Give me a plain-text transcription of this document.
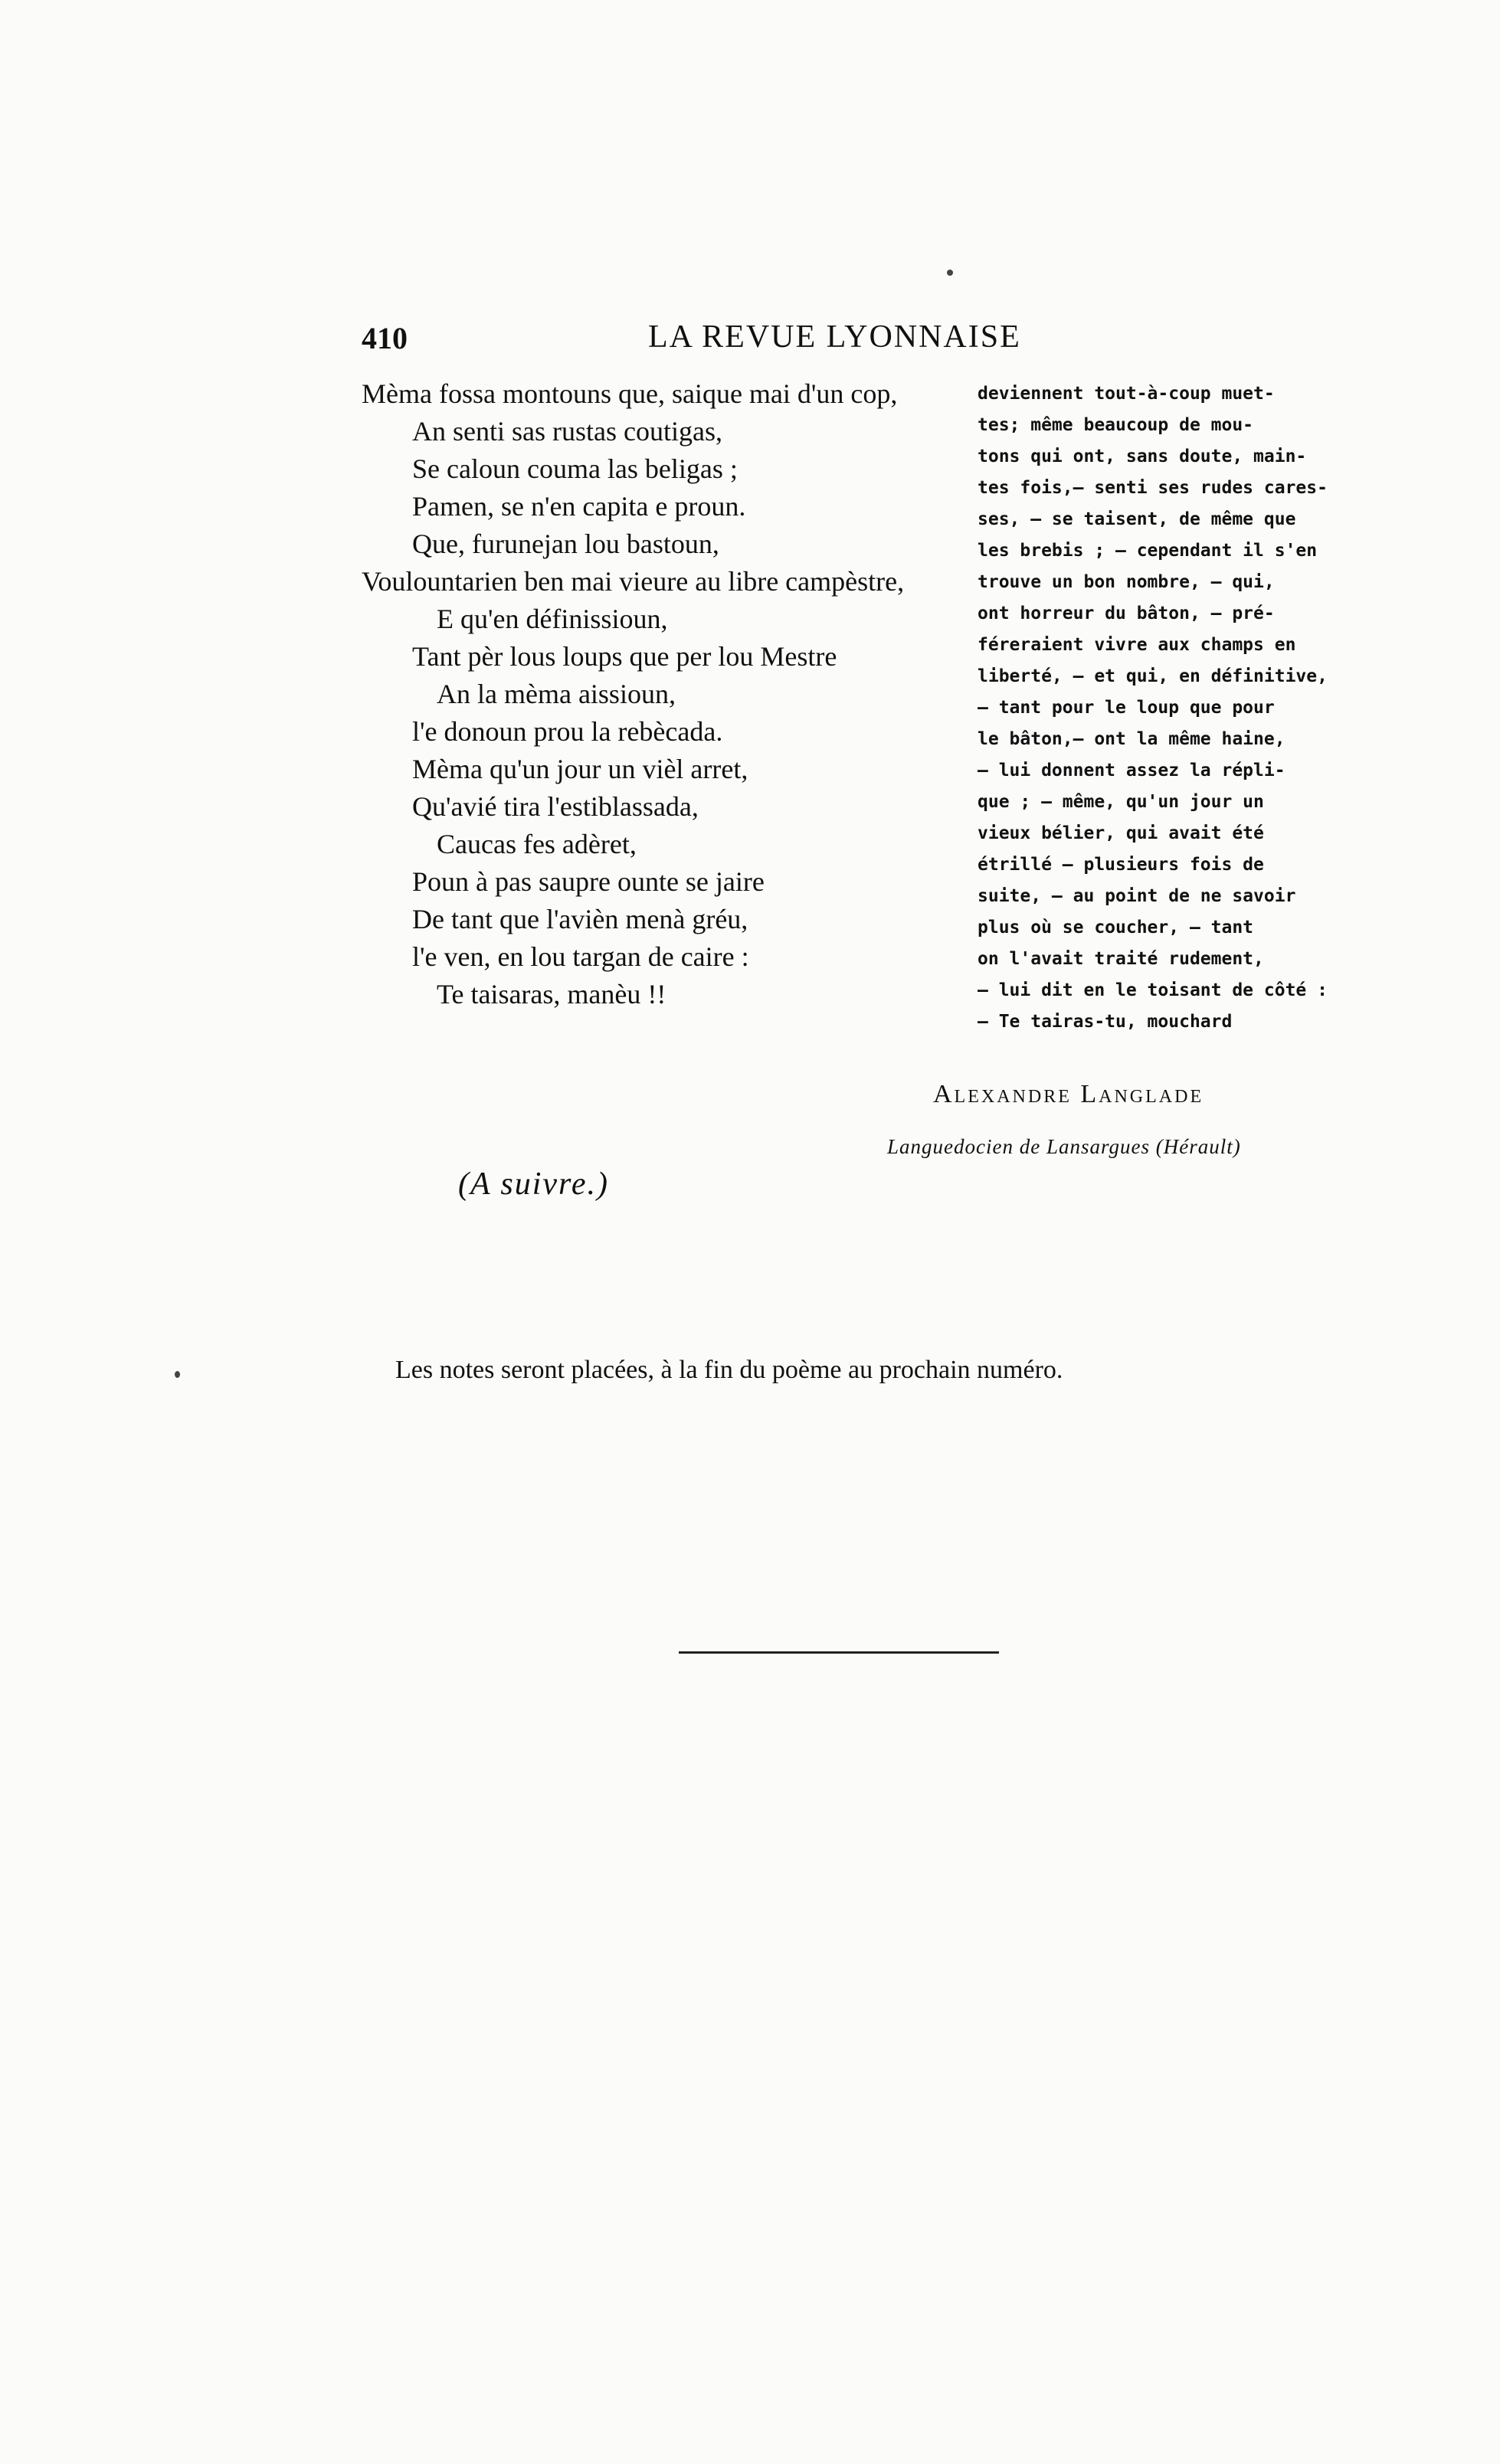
410	LA REVUE LYONNAISE
Mèma fossa montouns que, saique mai d'un cop,
An senti sas rustas coutigas,
Se caloun couma las beligas ;
Pamen, se n'en capita e proun.
Que, furunejan lou bastoun,
Voulountarien ben mai vieure au libre campèstre,
E qu'en définissioun,
Tant pèr lous loups que per lou Mestre
An la mèma aissioun,
l'e donoun prou la rebècada.
Mèma qu'un jour un vièl arret,
Qu'avié tira l'estiblassada,
Caucas fes adèret,
Poun à pas saupre ounte se jaire
De tant que l'avièn menà gréu,
l'e ven, en lou targan de caire :
Te taisaras, manèu !!
deviennent tout-à-coup muet-
tes; même beaucoup de mou-
tons qui ont, sans doute, main-
tes fois,— senti ses rudes cares-
ses, — se taisent, de même que
les brebis ; — cependant il s'en
trouve un bon nombre, — qui,
ont horreur du bâton, — pré-
féreraient vivre aux champs en
liberté, — et qui, en définitive,
— tant pour le loup que pour
le bâton,— ont la même haine,
— lui donnent assez la répli-
que ; — même, qu'un jour un
vieux bélier, qui avait été
étrillé — plusieurs fois de
suite, — au point de ne savoir
plus où se coucher, — tant
on l'avait traité rudement,
— lui dit en le toisant de côté :
— Te tairas-tu, mouchard
Alexandre Langlade
Languedocien de Lansargues (Hérault)
(A suivre.)
Les notes seront placées, à la fin du poème au prochain numéro.
